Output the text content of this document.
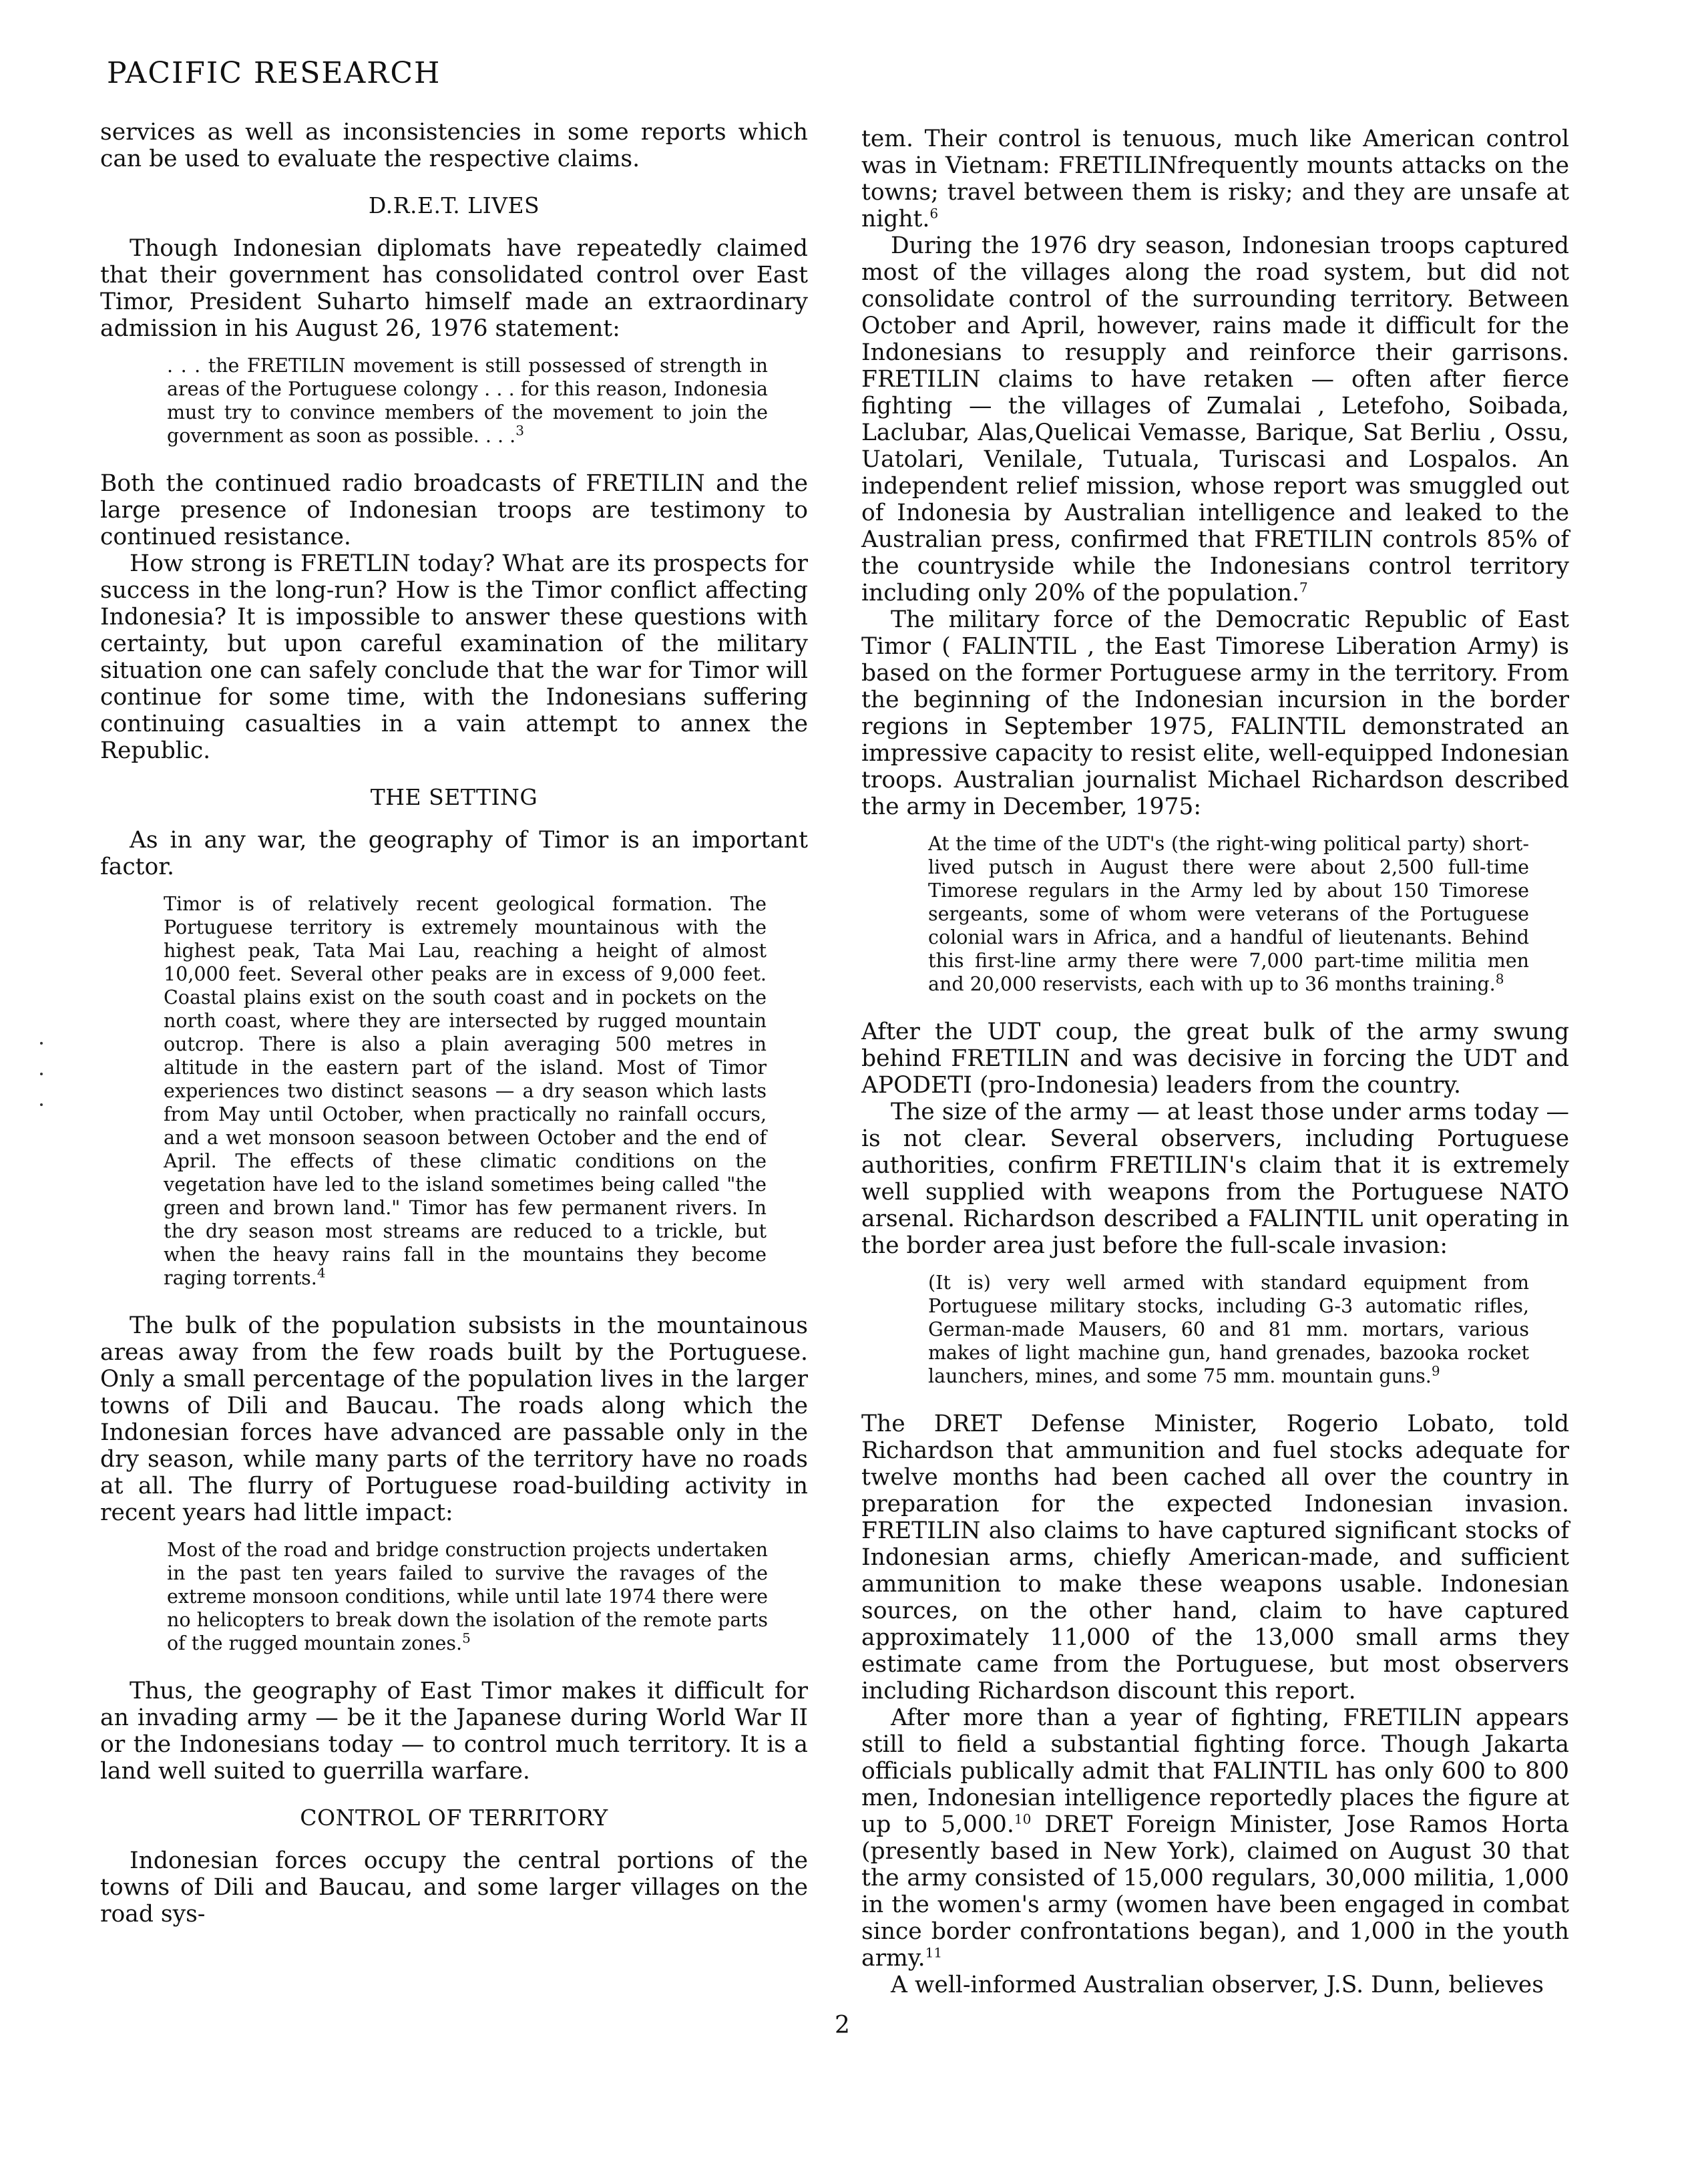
PACIFIC RESEARCH

services as well as inconsistencies in some reports which can be used to evaluate the respective claims.

D.R.E.T. LIVES

Though Indonesian diplomats have repeatedly claimed that their government has consolidated control over East Timor, President Suharto himself made an extraordinary admission in his August 26, 1976 statement:

. . . the FRETILIN movement is still possessed of strength in areas of the Portuguese colongy . . . for this reason, Indonesia must try to convince members of the movement to join the government as soon as possible. . . .$^3$

Both the continued radio broadcasts of FRETILIN and the large presence of Indonesian troops are testimony to continued resistance.

How strong is FRETLIN today? What are its prospects for success in the long-run? How is the Timor conflict affecting Indonesia? It is impossible to answer these questions with certainty, but upon careful examination of the military situation one can safely conclude that the war for Timor will continue for some time, with the Indonesians suffering continuing casualties in a vain attempt to annex the Republic.

THE SETTING

As in any war, the geography of Timor is an important factor.

Timor is of relatively recent geological formation. The Portuguese territory is extremely mountainous with the highest peak, Tata Mai Lau, reaching a height of almost 10,000 feet. Several other peaks are in excess of 9,000 feet. Coastal plains exist on the south coast and in pockets on the north coast, where they are intersected by rugged mountain outcrop. There is also a plain averaging 500 metres in altitude in the eastern part of the island. Most of Timor experiences two distinct seasons — a dry season which lasts from May until October, when practically no rainfall occurs, and a wet monsoon seasoon between October and the end of April. The effects of these climatic conditions on the vegetation have led to the island sometimes being called "the green and brown land." Timor has few permanent rivers. In the dry season most streams are reduced to a trickle, but when the heavy rains fall in the mountains they become raging torrents.$^4$

The bulk of the population subsists in the mountainous areas away from the few roads built by the Portuguese. Only a small percentage of the population lives in the larger towns of Dili and Baucau. The roads along which the Indonesian forces have advanced are passable only in the dry season, while many parts of the territory have no roads at all. The flurry of Portuguese road-building activity in recent years had little impact:

Most of the road and bridge construction projects undertaken in the past ten years failed to survive the ravages of the extreme monsoon conditions, while until late 1974 there were no helicopters to break down the isolation of the remote parts of the rugged mountain zones.$^5$

Thus, the geography of East Timor makes it difficult for an invading army — be it the Japanese during World War II or the Indonesians today — to control much territory. It is a land well suited to guerrilla warfare.

CONTROL OF TERRITORY

Indonesian forces occupy the central portions of the towns of Dili and Baucau, and some larger villages on the road sys-

tem. Their control is tenuous, much like American control was in Vietnam: FRETILINfrequently mounts attacks on the towns; travel between them is risky; and they are unsafe at night.$^6$

During the 1976 dry season, Indonesian troops captured most of the villages along the road system, but did not consolidate control of the surrounding territory. Between October and April, however, rains made it difficult for the Indonesians to resupply and reinforce their garrisons. FRETILIN claims to have retaken — often after fierce fighting — the villages of Zumalai , Letefoho, Soibada, Laclubar, Alas,Quelicai Vemasse, Barique, Sat Berliu , Ossu, Uatolari, Venilale, Tutuala, Turiscasi and Lospalos. An independent relief mission, whose report was smuggled out of Indonesia by Australian intelligence and leaked to the Australian press, confirmed that FRETILIN controls 85% of the countryside while the Indonesians control territory including only 20% of the population.$^7$

The military force of the Democratic Republic of East Timor ( FALINTIL , the East Timorese Liberation Army) is based on the former Portuguese army in the territory. From the beginning of the Indonesian incursion in the border regions in September 1975, FALINTIL demonstrated an impressive capacity to resist elite, well-equipped Indonesian troops. Australian journalist Michael Richardson described the army in December, 1975:

At the time of the UDT's (the right-wing political party) short-lived putsch in August there were about 2,500 full-time Timorese regulars in the Army led by about 150 Timorese sergeants, some of whom were veterans of the Portuguese colonial wars in Africa, and a handful of lieutenants. Behind this first-line army there were 7,000 part-time militia men and 20,000 reservists, each with up to 36 months training.$^8$

After the UDT coup, the great bulk of the army swung behind FRETILIN and was decisive in forcing the UDT and APODETI (pro-Indonesia) leaders from the country.

The size of the army — at least those under arms today — is not clear. Several observers, including Portuguese authorities, confirm FRETILIN's claim that it is extremely well supplied with weapons from the Portuguese NATO arsenal. Richardson described a FALINTIL unit operating in the border area just before the full-scale invasion:

(It is) very well armed with standard equipment from Portuguese military stocks, including G-3 automatic rifles, German-made Mausers, 60 and 81 mm. mortars, various makes of light machine gun, hand grenades, bazooka rocket launchers, mines, and some 75 mm. mountain guns.$^9$

The DRET Defense Minister, Rogerio Lobato, told Richardson that ammunition and fuel stocks adequate for twelve months had been cached all over the country in preparation for the expected Indonesian invasion. FRETILIN also claims to have captured significant stocks of Indonesian arms, chiefly American-made, and sufficient ammunition to make these weapons usable. Indonesian sources, on the other hand, claim to have captured approximately 11,000 of the 13,000 small arms they estimate came from the Portuguese, but most observers including Richardson discount this report.

After more than a year of fighting, FRETILIN appears still to field a substantial fighting force. Though Jakarta officials publically admit that FALINTIL has only 600 to 800 men, Indonesian intelligence reportedly places the figure at up to 5,000.10 DRET Foreign Minister, Jose Ramos Horta (presently based in New York), claimed on August 30 that the army consisted of 15,000 regulars, 30,000 militia, 1,000 in the women's army (women have been engaged in combat since border confrontations began), and 1,000 in the youth army.$^{11}$

A well-informed Australian observer, J.S. Dunn, believes

2
